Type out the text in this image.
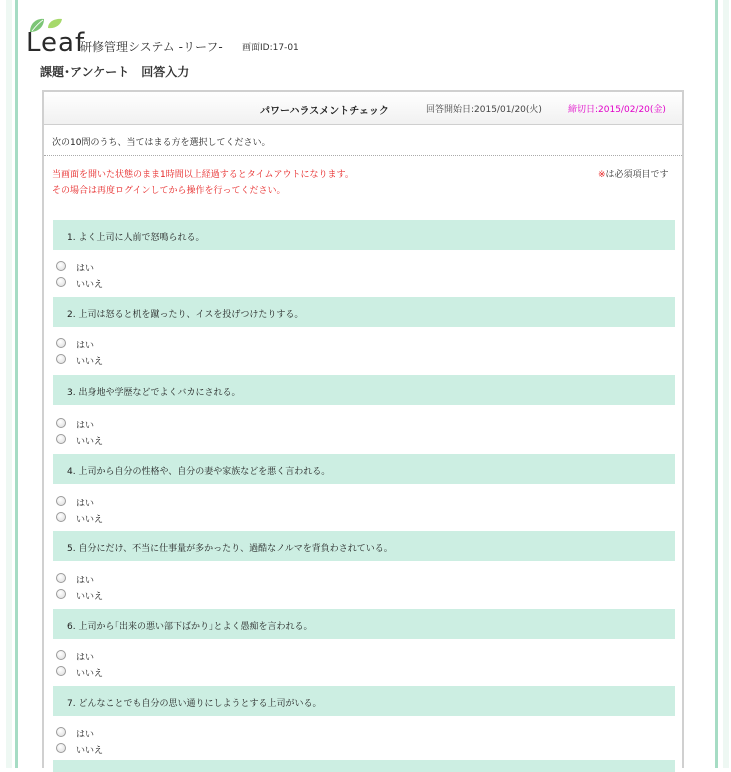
Leaf
研修管理システム -リーフ- 画面ID:17-01
課題･アンケート　回答入力
パワーハラスメントチェック	回答開始日:2015/01/20(火)	締切日:2015/02/20(金)
次の10問のうち、当てはまる方を選択してください。
当画面を開いた状態のまま1時間以上経過するとタイムアウトになります。
その場合は再度ログインしてから操作を行ってください。
※は必須項目です
1. よく上司に人前で怒鳴られる。
はい
いいえ
2. 上司は怒ると机を蹴ったり、イスを投げつけたりする。
はい
いいえ
3. 出身地や学歴などでよくバカにされる。
はい
いいえ
4. 上司から自分の性格や、自分の妻や家族などを悪く言われる。
はい
いいえ
5. 自分にだけ、不当に仕事量が多かったり、過酷なノルマを背負わされている。
はい
いいえ
6. 上司から｢出来の悪い部下ばかり｣とよく愚痴を言われる。
はい
いいえ
7. どんなことでも自分の思い通りにしようとする上司がいる。
はい
いいえ
